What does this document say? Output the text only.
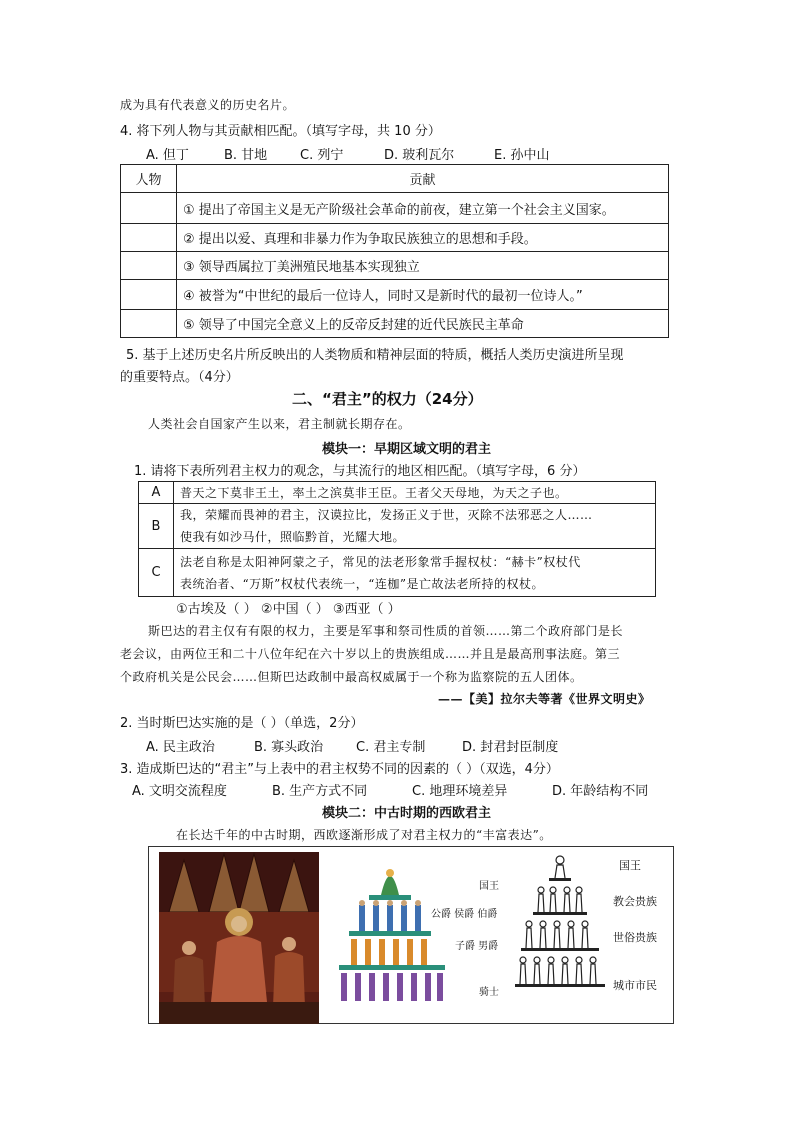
成为具有代表意义的历史名片。
4. 将下列人物与其贡献相匹配。（填写字母，共 10 分）
A. 但丁	B. 甘地	C. 列宁	D. 玻利瓦尔	E. 孙中山
人物	贡献
	① 提出了帝国主义是无产阶级社会革命的前夜，建立第一个社会主义国家。
	② 提出以爱、真理和非暴力作为争取民族独立的思想和手段。
	③ 领导西属拉丁美洲殖民地基本实现独立
	④ 被誉为“中世纪的最后一位诗人，同时又是新时代的最初一位诗人。”
	⑤ 领导了中国完全意义上的反帝反封建的近代民族民主革命
5. 基于上述历史名片所反映出的人类物质和精神层面的特质，概括人类历史演进所呈现
的重要特点。（4分）
二、“君主”的权力（24分）
人类社会自国家产生以来，君主制就长期存在。
模块一：早期区域文明的君主
1. 请将下表所列君主权力的观念，与其流行的地区相匹配。（填写字母，6 分）
A	普天之下莫非王土，率土之滨莫非王臣。王者父天母地，为天之子也。
B	我，荣耀而畏神的君主，汉谟拉比，发扬正义于世，灭除不法邪恶之人……
使我有如沙马什，照临黔首，光耀大地。

C	法老自称是太阳神阿蒙之子，常见的法老形象常手握权杖：“赫卡”权杖代
表统治者、“万斯”权杖代表统一，“连枷”是亡故法老所持的权杖。
①古埃及（ ） ②中国（ ） ③西亚（ ）
斯巴达的君主仅有有限的权力，主要是军事和祭司性质的首领……第二个政府部门是长
老会议，由两位王和二十八位年纪在六十岁以上的贵族组成……并且是最高刑事法庭。第三
个政府机关是公民会……但斯巴达政制中最高权威属于一个称为监察院的五人团体。
——【美】拉尔夫等著《世界文明史》
2. 当时斯巴达实施的是（ ）（单选，2分）
A. 民主政治	B. 寡头政治	C. 君主专制	D. 封君封臣制度
3. 造成斯巴达的“君主”与上表中的君主权势不同的因素的（ ）（双选，4分）
A. 文明交流程度	B. 生产方式不同	C. 地理环境差异	D. 年龄结构不同
模块二：中古时期的西欧君主
在长达千年的中古时期，西欧逐渐形成了对君主权力的“丰富表达”。
国王
公爵 侯爵 伯爵
子爵 男爵
骑士
国王
教会贵族
世俗贵族
城市市民
